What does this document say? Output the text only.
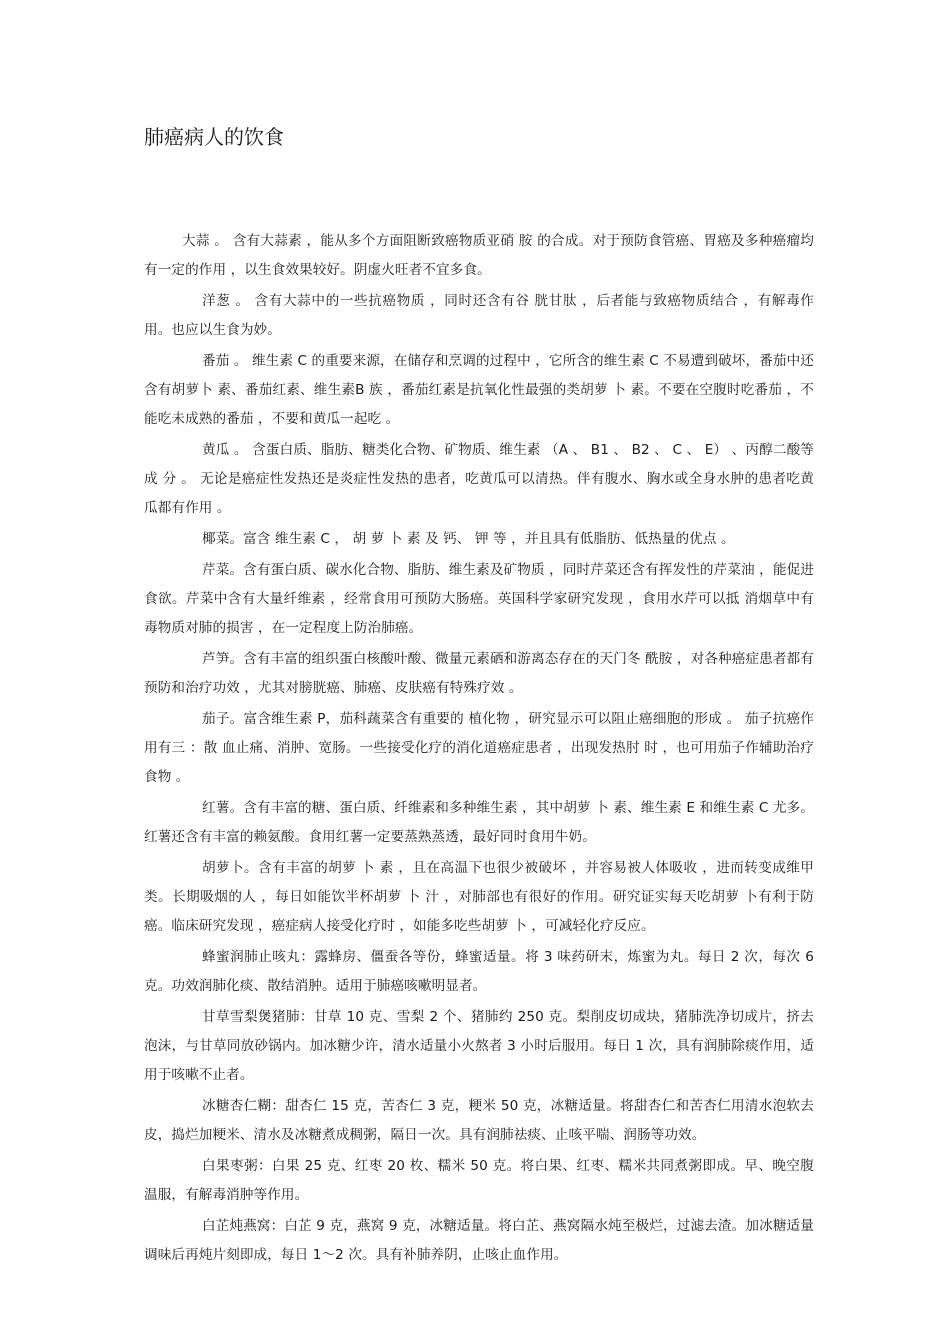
肺癌病人的饮食

大蒜 。 含有大蒜素 ，能从多个方面阻断致癌物质亚硝 胺 的合成。对于预防食管癌、胃癌及多种癌瘤均有一定的作用 ，以生食效果较好。阴虚火旺者不宜多食。

洋葱 。 含有大蒜中的一些抗癌物质 ，同时还含有谷 胱甘肽 ，后者能与致癌物质结合 ，有解毒作用。也应以生食为妙。

番茄 。 维生素 C 的重要来源，在储存和烹调的过程中 ，它所含的维生素 C 不易遭到破坏，番茄中还含有胡萝卜 素、番茄红素、维生素B 族 ，番茄红素是抗氧化性最强的类胡萝 卜 素。不要在空腹时吃番茄 ，不能吃未成熟的番茄 ，不要和黄瓜一起吃 。

黄瓜 。 含蛋白质、脂肪、糖类化合物、矿物质、维生素 （A 、 B1 、 B2 、 C 、 E） 、丙醇二酸等 成 分 。 无论是癌症性发热还是炎症性发热的患者，吃黄瓜可以清热。伴有腹水、胸水或全身水肿的患者吃黄瓜都有作用 。

椰菜。富含 维生素 C ， 胡 萝 卜 素 及 钙、 钾 等 ，并且具有低脂肪、低热量的优点 。

芹菜。含有蛋白质、碳水化合物、脂肪、维生素及矿物质 ，同时芹菜还含有挥发性的芹菜油 ，能促进食欲。芹菜中含有大量纤维素 ，经常食用可预防大肠癌。英国科学家研究发现 ，食用水芹可以抵 消烟草中有毒物质对肺的损害 ，在一定程度上防治肺癌。

芦笋。含有丰富的组织蛋白核酸叶酸、微量元素硒和游离态存在的天门冬 酰胺 ，对各种癌症患者都有预防和治疗功效 ，尤其对膀胱癌、肺癌、皮肤癌有特殊疗效 。

茄子。富含维生素 P，茄科蔬菜含有重要的 植化物 ，研究显示可以阻止癌细胞的形成 。 茄子抗癌作用有三 ：散 血止痛、消肿、宽肠。一些接受化疗的消化道癌症患者 ，出现发热肘 时 ，也可用茄子作辅助治疗食物 。

红薯。含有丰富的糖、蛋白质、纤维素和多种维生素 ，其中胡萝 卜 素、维生素 E 和维生素 C 尤多。红薯还含有丰富的赖氨酸。食用红薯一定要蒸熟蒸透，最好同时食用牛奶。

胡萝卜。含有丰富的胡萝 卜 素 ，且在高温下也很少被破坏 ，并容易被人体吸收 ，进而转变成维甲类。长期吸烟的人 ，每日如能饮半杯胡萝 卜 汁 ，对肺部也有很好的作用。研究证实每天吃胡萝 卜有利于防癌。临床研究发现 ，癌症病人接受化疗时 ，如能多吃些胡萝 卜 ，可减轻化疗反应。

蜂蜜润肺止咳丸：露蜂房、僵蚕各等份，蜂蜜适量。将 3 味药研末，炼蜜为丸。每日 2 次，每次 6 克。功效润肺化痰、散结消肿。适用于肺癌咳嗽明显者。

甘草雪梨煲猪肺：甘草 10 克、雪梨 2 个、猪肺约 250 克。梨削皮切成块，猪肺洗净切成片，挤去泡沫，与甘草同放砂锅内。加冰糖少许，清水适量小火熬者 3 小时后服用。每日 1 次，具有润肺除痰作用，适用于咳嗽不止者。

冰糖杏仁糊：甜杏仁 15 克，苦杏仁 3 克，粳米 50 克，冰糖适量。将甜杏仁和苦杏仁用清水泡软去皮，捣烂加粳米、清水及冰糖煮成稠粥，隔日一次。具有润肺祛痰、止咳平喘、润肠等功效。

白果枣粥：白果 25 克、红枣 20 枚、糯米 50 克。将白果、红枣、糯米共同煮粥即成。早、晚空腹温服，有解毒消肿等作用。

白芷炖燕窝：白芷 9 克，燕窝 9 克，冰糖适量。将白芷、燕窝隔水炖至极烂，过滤去渣。加冰糖适量调味后再炖片刻即成，每日 1～2 次。具有补肺养阴，止咳止血作用。
